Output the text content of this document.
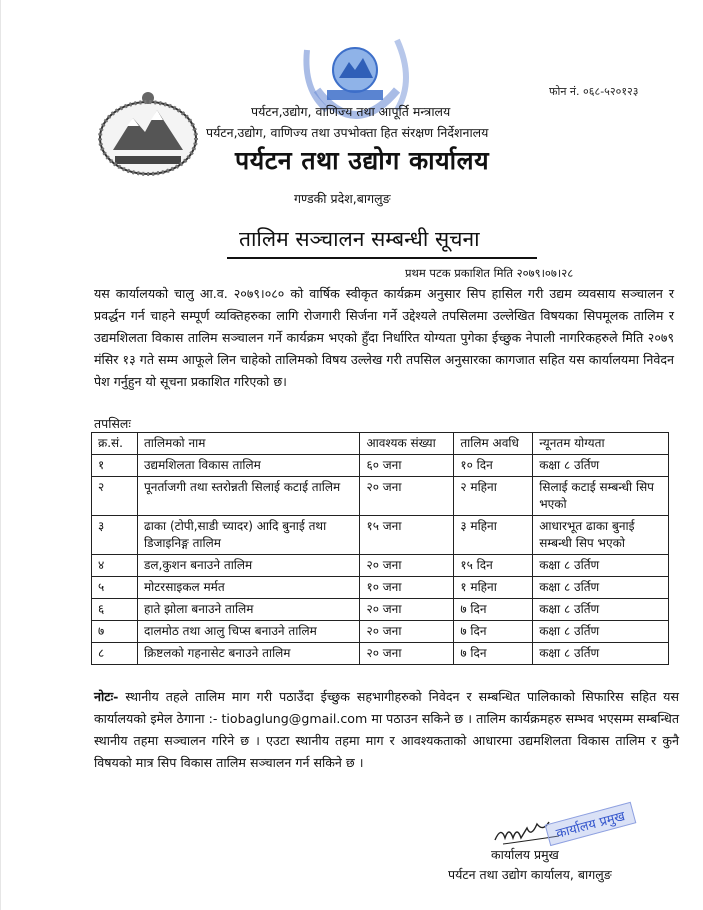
फोन नं. ०६८-५२०१२३
पर्यटन,उद्योग, वाणिज्य तथा आपूर्ति मन्त्रालय
पर्यटन,उद्योग, वाणिज्य तथा उपभोक्ता हित संरक्षण निर्देशनालय
पर्यटन तथा उद्योग कार्यालय
गण्डकी प्रदेश,बागलुङ
तालिम सञ्चालन सम्बन्धी सूचना
प्रथम पटक प्रकाशित मिति २०७९।०७।२८
यस कार्यालयको चालु आ.व. २०७९।०८० को वार्षिक स्वीकृत कार्यक्रम अनुसार सिप हासिल गरी उद्यम व्यवसाय सञ्चालन र प्रवर्द्धन गर्न चाहने सम्पूर्ण व्यक्तिहरुका लागि रोजगारी सिर्जना गर्ने उद्देश्यले तपसिलमा उल्लेखित विषयका सिपमूलक तालिम र उद्यमशिलता विकास तालिम सञ्चालन गर्ने कार्यक्रम भएको हुँदा निर्धारित योग्यता पुगेका ईच्छुक नेपाली नागरिकहरुले मिति २०७९ मंसिर १३ गते सम्म आफूले लिन चाहेको तालिमको विषय उल्लेख गरी तपसिल अनुसारका कागजात सहित यस कार्यालयमा निवेदन पेश गर्नुहुन यो सूचना प्रकाशित गरिएको छ।
तपसिलः
क्र.सं.	तालिमको नाम	आवश्यक संख्या	तालिम अवधि	न्यूनतम योग्यता
१	उद्यमशिलता विकास तालिम	६० जना	१० दिन	कक्षा ८ उर्तिण
२	पूनर्ताजगी तथा स्तरोन्नती सिलाई कटाई तालिम	२० जना	२ महिना	सिलाई कटाई सम्बन्धी सिप भएको
३	ढाका (टोपी,साडी च्यादर) आदि बुनाई तथा डिजाइनिङ्ग तालिम	१५ जना	३ महिना	आधारभूत ढाका बुनाई सम्बन्धी सिप भएको
४	डल,कुशन बनाउने तालिम	२० जना	१५ दिन	कक्षा ८ उर्तिण
५	मोटरसाइकल मर्मत	१० जना	१ महिना	कक्षा ८ उर्तिण
६	हाते झोला बनाउने तालिम	२० जना	७ दिन	कक्षा ८ उर्तिण
७	दालमोठ तथा आलु चिप्स बनाउने तालिम	२० जना	७ दिन	कक्षा ८ उर्तिण
८	क्रिष्टलको गहनासेट बनाउने तालिम	२० जना	७ दिन	कक्षा ८ उर्तिण
नोटः- स्थानीय तहले तालिम माग गरी पठाउँदा ईच्छुक सहभागीहरुको निवेदन र सम्बन्धित पालिकाको सिफारिस सहित यस कार्यालयको इमेल ठेगाना :- tiobaglung@gmail.com मा पठाउन सकिने छ । तालिम कार्यक्रमहरु सम्भव भएसम्म सम्बन्धित स्थानीय तहमा सञ्चालन गरिने छ । एउटा स्थानीय तहमा माग र आवश्यकताको आधारमा उद्यमशिलता विकास तालिम र कुनै विषयको मात्र सिप विकास तालिम सञ्चालन गर्न सकिने छ ।
कार्यालय प्रमुख
कार्यालय प्रमुख
पर्यटन तथा उद्योग कार्यालय, बागलुङ
